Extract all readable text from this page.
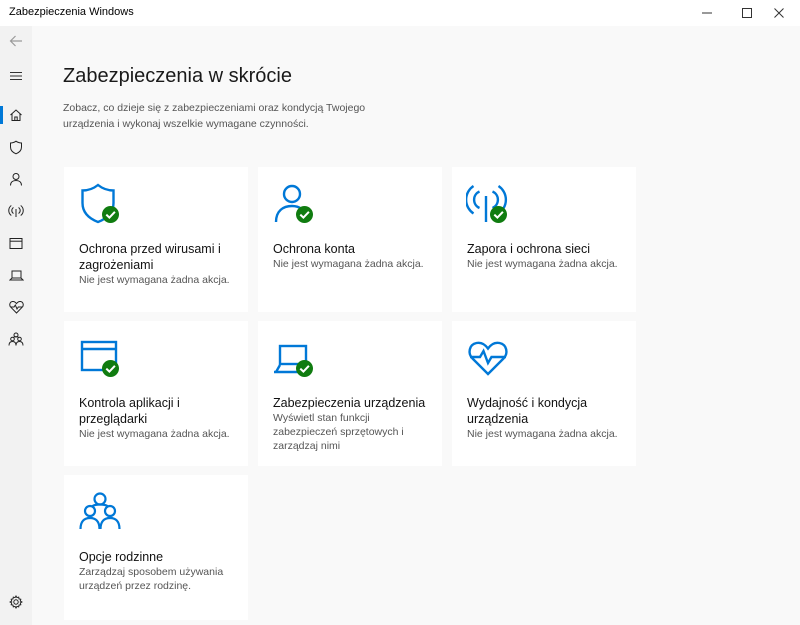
Zabezpieczenia Windows
Zabezpieczenia w skrócie
Zobacz, co dzieje się z zabezpieczeniami oraz kondycją Twojego urządzenia i wykonaj wszelkie wymagane czynności.
Ochrona przed wirusami i zagrożeniami
Nie jest wymagana żadna akcja.
Ochrona konta
Nie jest wymagana żadna akcja.
Zapora i ochrona sieci
Nie jest wymagana żadna akcja.
Kontrola aplikacji i przeglądarki
Nie jest wymagana żadna akcja.
Zabezpieczenia urządzenia
Wyświetl stan funkcji zabezpieczeń sprzętowych i zarządzaj nimi
Wydajność i kondycja urządzenia
Nie jest wymagana żadna akcja.
Opcje rodzinne
Zarządzaj sposobem używania urządzeń przez rodzinę.
